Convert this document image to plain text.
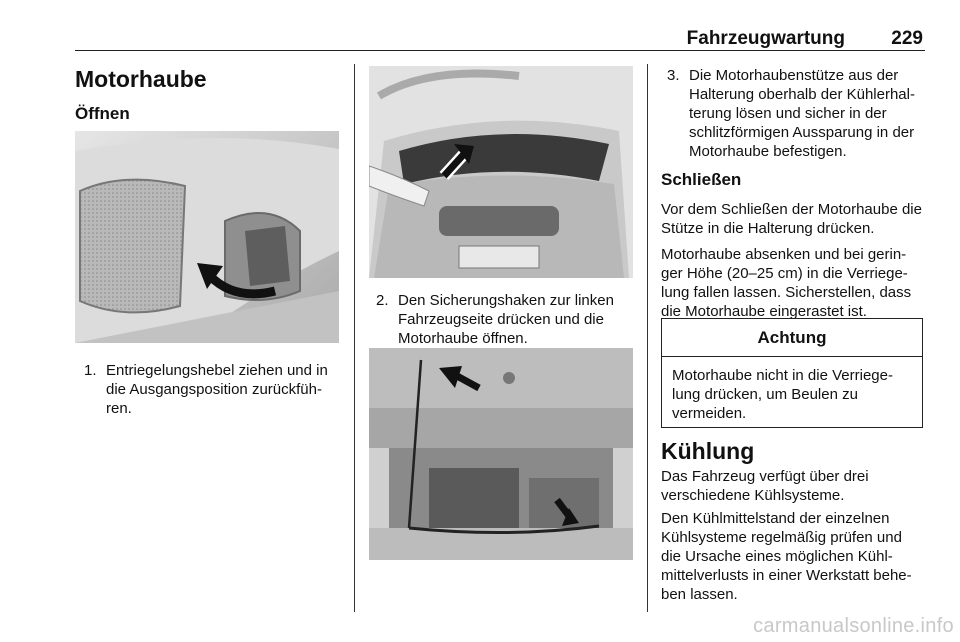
Fahrzeugwartung 229
Motorhaube
Öffnen
1. Entriegelungshebel ziehen und in die Ausgangsposition zurückfüh-ren.
2. Den Sicherungshaken zur linken Fahrzeugseite drücken und die Motorhaube öffnen.
3. Die Motorhaubenstütze aus der Halterung oberhalb der Kühlerhal-terung lösen und sicher in der schlitzförmigen Aussparung in der Motorhaube befestigen.
Schließen
Vor dem Schließen der Motorhaube die Stütze in die Halterung drücken.
Motorhaube absenken und bei gerin-ger Höhe (20–25 cm) in die Verriege-lung fallen lassen. Sicherstellen, dass die Motorhaube eingerastet ist.
Achtung
Motorhaube nicht in die Verriege-lung drücken, um Beulen zu vermeiden.
Kühlung
Das Fahrzeug verfügt über drei verschiedene Kühlsysteme.
Den Kühlmittelstand der einzelnen Kühlsysteme regelmäßig prüfen und die Ursache eines möglichen Kühl-mittelverlusts in einer Werkstatt behe-ben lassen.
carmanualsonline.info
